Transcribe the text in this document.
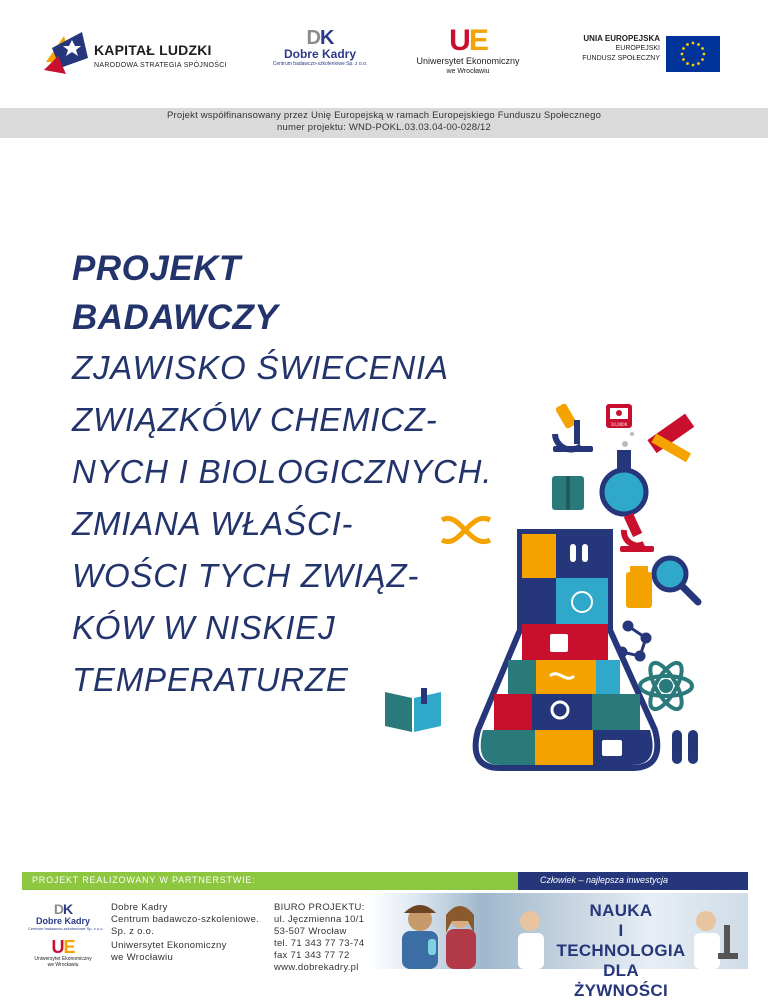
KAPITAŁ LUDZKI
NARODOWA STRATEGIA SPÓJNOŚCI
DK
Dobre Kadry
Centrum badawczo-szkoleniowe Sp. z o.o.
UE
Uniwersytet Ekonomiczny
we Wrocławiu
UNIA EUROPEJSKA
EUROPEJSKI
FUNDUSZ SPOŁECZNY
Projekt współfinansowany przez Unię Europejską w ramach Europejskiego Funduszu Społecznego
numer projektu: WND-POKL.03.03.04-00-028/12
PROJEKT
BADAWCZY
ZJAWISKO ŚWIECENIA
ZWIĄZKÓW CHEMICZ-
NYCH I BIOLOGICZNYCH.
ZMIANA WŁAŚCI-
WOŚCI TYCH ZWIĄZ-
KÓW W NISKIEJ
TEMPERATURZE
10,0000
PROJEKT REALIZOWANY W PARTNERSTWIE:	Człowiek – najlepsza inwestycja
DK
Dobre Kadry
Centrum badawczo-szkoleniowe Sp. z o.o.
UE
Uniwersytet Ekonomiczny
we Wrocławiu
Dobre Kadry
Centrum badawczo-szkoleniowe.
Sp. z o.o.
Uniwersytet Ekonomiczny
we Wrocławiu
BIURO PROJEKTU:
ul. Jęczmienna 10/1
53-507 Wrocław
tel. 71 343 77 73-74
fax 71 343 77 72
www.dobrekadry.pl
NAUKA
I TECHNOLOGIA
DLA ŻYWNOŚCI
